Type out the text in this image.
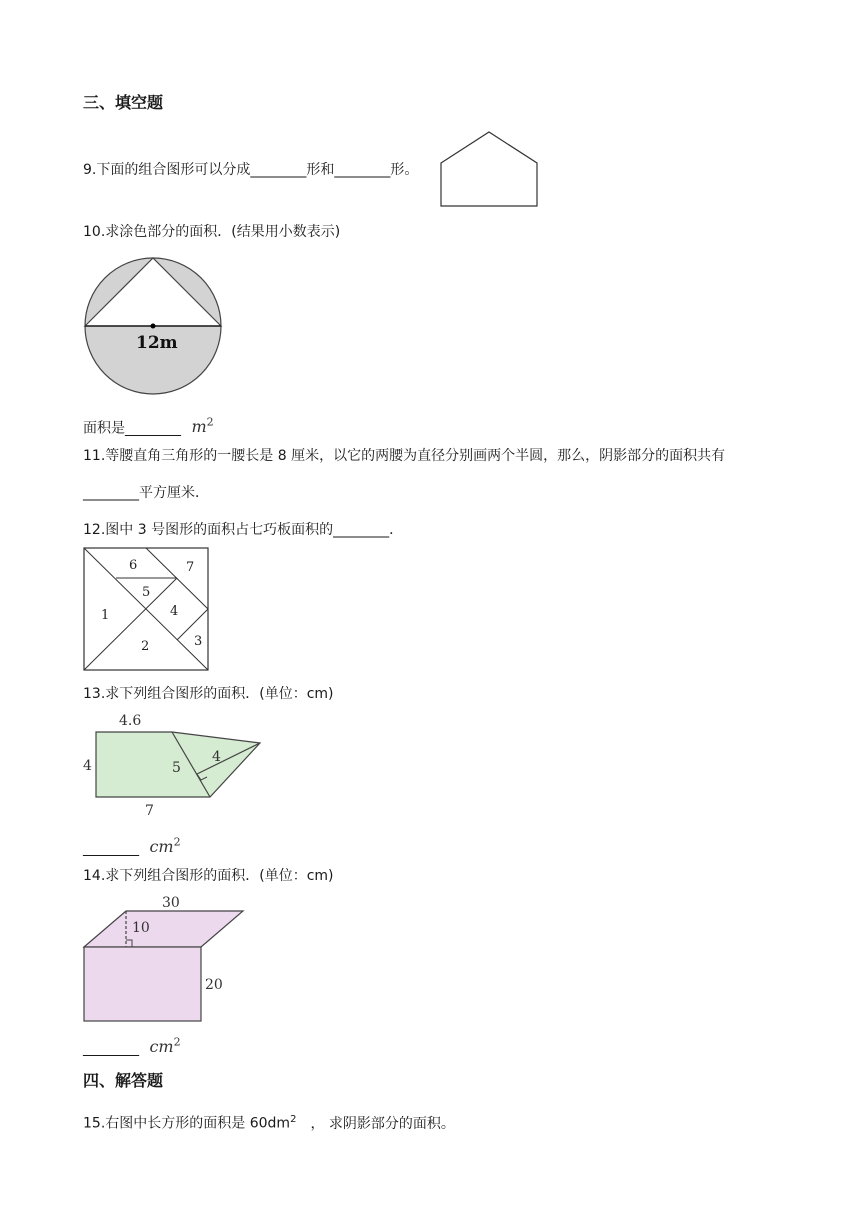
三、填空题
9.下面的组合图形可以分成________形和________形。
10.求涂色部分的面积．(结果用小数表示)
12m
面积是________ $m^2$
11.等腰直角三角形的一腰长是 8 厘米，以它的两腰为直径分别画两个半圆，那么，阴影部分的面积共有
________平方厘米．
12.图中 3 号图形的面积占七巧板面积的________．
6	7
5
4
1
3
2
13.求下列组合图形的面积．(单位：cm)
4.6
4	5
4
7
________ $cm^2$
14.求下列组合图形的面积．(单位：cm)
30
10
20
________ $cm^2$
四、解答题
15.右图中长方形的面积是 $60dm^2$ ， 求阴影部分的面积。
